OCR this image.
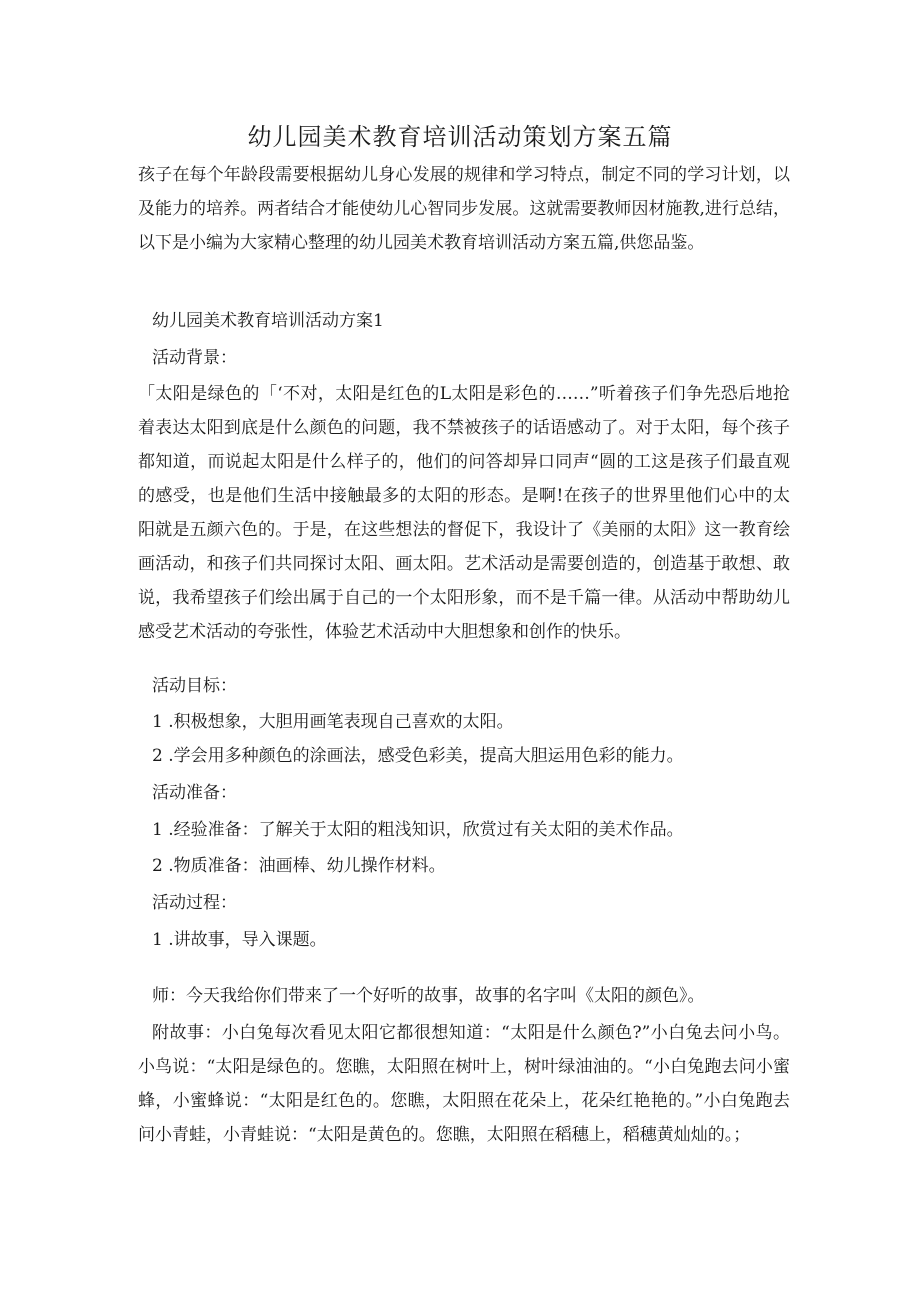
幼儿园美术教育培训活动策划方案五篇

孩子在每个年龄段需要根据幼儿身心发展的规律和学习特点，制定不同的学习计划，以及能力的培养。两者结合才能使幼儿心智同步发展。这就需要教师因材施教,进行总结，以下是小编为大家精心整理的幼儿园美术教育培训活动方案五篇,供您品鉴。

幼儿园美术教育培训活动方案1
活动背景：

「太阳是绿色的「‘不对，太阳是红色的L太阳是彩色的……”听着孩子们争先恐后地抢着表达太阳到底是什么颜色的问题，我不禁被孩子的话语感动了。对于太阳，每个孩子都知道，而说起太阳是什么样子的，他们的问答却异口同声“圆的工这是孩子们最直观的感受，也是他们生活中接触最多的太阳的形态。是啊!在孩子的世界里他们心中的太阳就是五颜六色的。于是，在这些想法的督促下，我设计了《美丽的太阳》这一教育绘画活动，和孩子们共同探讨太阳、画太阳。艺术活动是需要创造的，创造基于敢想、敢说，我希望孩子们绘出属于自己的一个太阳形象，而不是千篇一律。从活动中帮助幼儿感受艺术活动的夸张性，体验艺术活动中大胆想象和创作的快乐。

活动目标：
1 .积极想象，大胆用画笔表现自己喜欢的太阳。
2 .学会用多种颜色的涂画法，感受色彩美，提高大胆运用色彩的能力。
活动准备：
1 .经验准备：了解关于太阳的粗浅知识，欣赏过有关太阳的美术作品。
2 .物质准备：油画棒、幼儿操作材料。
活动过程：
1 .讲故事，导入课题。
师：今天我给你们带来了一个好听的故事，故事的名字叫《太阳的颜色》。

附故事：小白兔每次看见太阳它都很想知道：“太阳是什么颜色?”小白兔去问小鸟。小鸟说：“太阳是绿色的。您瞧，太阳照在树叶上，树叶绿油油的。“小白兔跑去问小蜜蜂，小蜜蜂说：“太阳是红色的。您瞧，太阳照在花朵上，花朵红艳艳的。”小白兔跑去问小青蛙，小青蛙说：“太阳是黄色的。您瞧，太阳照在稻穗上，稻穗黄灿灿的。；
